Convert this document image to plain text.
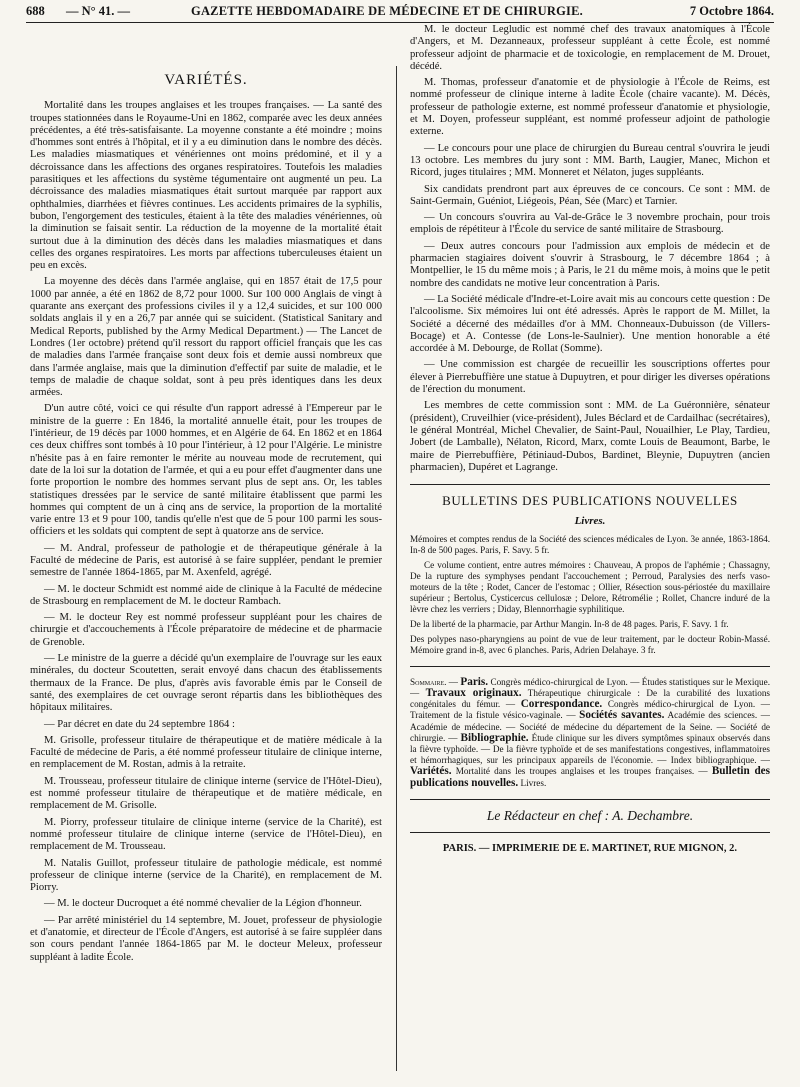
688	— N° 41. —	GAZETTE HEBDOMADAIRE DE MÉDECINE ET DE CHIRURGIE.	7 Octobre 1864.
VARIÉTÉS.

Mortalité dans les troupes anglaises et les troupes françaises. — La santé des troupes stationnées dans le Royaume-Uni en 1862, comparée avec les deux années précédentes, a été très-satisfaisante. La moyenne constante a été moindre ; moins d'hommes sont entrés à l'hôpital, et il y a eu diminution dans le nombre des décès. Les maladies miasmatiques et vénériennes ont moins prédominé, et il y a décroissance dans les affections des organes respiratoires. Toutefois les maladies parasitiques et les affections du système tégumentaire ont augmenté un peu. La décroissance des maladies miasmatiques était surtout marquée par rapport aux ophthalmies, diarrhées et fièvres continues. Les accidents primaires de la syphilis, bubon, l'engorgement des testicules, étaient à la tête des maladies vénériennes, où la diminution se faisait sentir. La réduction de la moyenne de la mortalité était surtout due à la diminution des décès dans les maladies miasmatiques et dans celles des organes respiratoires. Les morts par affections tuberculeuses étaient un peu en excès.

La moyenne des décès dans l'armée anglaise, qui en 1857 était de 17,5 pour 1000 par année, a été en 1862 de 8,72 pour 1000. Sur 100 000 Anglais de vingt à quarante ans exerçant des professions civiles il y a 12,4 suicides, et sur 100 000 soldats anglais il y en a 26,7 par année qui se suicident. (Statistical Sanitary and Medical Reports, published by the Army Medical Department.) — The Lancet de Londres (1er octobre) prétend qu'il ressort du rapport officiel français que les cas de maladies dans l'armée française sont deux fois et demie aussi nombreux que dans l'armée anglaise, mais que la diminution d'effectif par suite de maladie, et le temps de maladie de chaque soldat, sont à peu près identiques dans les deux armées.

D'un autre côté, voici ce qui résulte d'un rapport adressé à l'Empereur par le ministre de la guerre : En 1846, la mortalité annuelle était, pour les troupes de l'intérieur, de 19 décès par 1000 hommes, et en Algérie de 64. En 1862 et en 1864 ces deux chiffres sont tombés à 10 pour l'intérieur, à 12 pour l'Algérie. Le ministre n'hésite pas à en faire remonter le mérite au nouveau mode de recrutement, qui date de la loi sur la dotation de l'armée, et qui a eu pour effet d'augmenter dans une forte proportion le nombre des hommes servant plus de sept ans. Or, les tables statistiques dressées par le service de santé militaire établissent que parmi les hommes qui comptent de un à cinq ans de service, la proportion de la mortalité varie entre 13 et 9 pour 100, tandis qu'elle n'est que de 5 pour 100 parmi les sous-officiers et les soldats qui comptent de sept à quatorze ans de service.

— M. Andral, professeur de pathologie et de thérapeutique générale à la Faculté de médecine de Paris, est autorisé à se faire suppléer, pendant le premier semestre de l'année 1864-1865, par M. Axenfeld, agrégé.

— M. le docteur Schmidt est nommé aide de clinique à la Faculté de médecine de Strasbourg en remplacement de M. le docteur Rambach.

— M. le docteur Rey est nommé professeur suppléant pour les chaires de chirurgie et d'accouchements à l'École préparatoire de médecine et de pharmacie de Grenoble.

— Le ministre de la guerre a décidé qu'un exemplaire de l'ouvrage sur les eaux minérales, du docteur Scoutetten, serait envoyé dans chacun des établissements thermaux de la France. De plus, d'après avis favorable émis par le Conseil de santé, des exemplaires de cet ouvrage seront répartis dans les bibliothèques des hôpitaux militaires.

— Par décret en date du 24 septembre 1864 :

M. Grisolle, professeur titulaire de thérapeutique et de matière médicale à la Faculté de médecine de Paris, a été nommé professeur titulaire de clinique interne, en remplacement de M. Rostan, admis à la retraite.

M. Trousseau, professeur titulaire de clinique interne (service de l'Hôtel-Dieu), est nommé professeur titulaire de thérapeutique et de matière médicale, en remplacement de M. Grisolle.

M. Piorry, professeur titulaire de clinique interne (service de la Charité), est nommé professeur titulaire de clinique interne (service de l'Hôtel-Dieu), en remplacement de M. Trousseau.

M. Natalis Guillot, professeur titulaire de pathologie médicale, est nommé professeur de clinique interne (service de la Charité), en remplacement de M. Piorry.

— M. le docteur Ducroquet a été nommé chevalier de la Légion d'honneur.

— Par arrêté ministériel du 14 septembre, M. Jouet, professeur de physiologie et d'anatomie, et directeur de l'École d'Angers, est autorisé à se faire suppléer dans son cours pendant l'année 1864-1865 par M. le docteur Meleux, professeur suppléant à ladite École.

M. le docteur Legludic est nommé chef des travaux anatomiques à l'École d'Angers, et M. Dezanneaux, professeur suppléant à cette École, est nommé professeur adjoint de pharmacie et de toxicologie, en remplacement de M. Drouet, décédé.

M. Thomas, professeur d'anatomie et de physiologie à l'École de Reims, est nommé professeur de clinique interne à ladite École (chaire vacante). M. Décès, professeur de pathologie externe, est nommé professeur d'anatomie et physiologie, et M. Doyen, professeur suppléant, est nommé professeur adjoint de pathologie externe.

— Le concours pour une place de chirurgien du Bureau central s'ouvrira le jeudi 13 octobre. Les membres du jury sont : MM. Barth, Laugier, Manec, Michon et Ricord, juges titulaires ; MM. Monneret et Nélaton, juges suppléants.

Six candidats prendront part aux épreuves de ce concours. Ce sont : MM. de Saint-Germain, Guéniot, Liégeois, Péan, Sée (Marc) et Tarnier.

— Un concours s'ouvrira au Val-de-Grâce le 3 novembre prochain, pour trois emplois de répétiteur à l'École du service de santé militaire de Strasbourg.

— Deux autres concours pour l'admission aux emplois de médecin et de pharmacien stagiaires doivent s'ouvrir à Strasbourg, le 7 décembre 1864 ; à Montpellier, le 15 du même mois ; à Paris, le 21 du même mois, à moins que le petit nombre des candidats ne motive leur concentration à Paris.

— La Société médicale d'Indre-et-Loire avait mis au concours cette question : De l'alcoolisme. Six mémoires lui ont été adressés. Après le rapport de M. Millet, la Société a décerné des médailles d'or à MM. Chonneaux-Dubuisson (de Villers-Bocage) et A. Contesse (de Lons-le-Saulnier). Une mention honorable a été accordée à M. Debourge, de Rollat (Somme).

— Une commission est chargée de recueillir les souscriptions offertes pour élever à Pierrebuffière une statue à Dupuytren, et pour diriger les diverses opérations de l'érection du monument.

Les membres de cette commission sont : MM. de La Guéronnière, sénateur (président), Cruveilhier (vice-président), Jules Béclard et de Cardailhac (secrétaires), le général Montréal, Michel Chevalier, de Saint-Paul, Nouailhier, Le Play, Tardieu, Jobert (de Lamballe), Nélaton, Ricord, Marx, comte Louis de Beaumont, Barbe, le maire de Pierrebuffière, Pétiniaud-Dubos, Bardinet, Bleynie, Dupuytren (ancien pharmacien), Dupéret et Lagrange.

BULLETINS DES PUBLICATIONS NOUVELLES
Livres.

Mémoires et comptes rendus de la Société des sciences médicales de Lyon. 3e année, 1863-1864. In-8 de 500 pages. Paris, F. Savy. 5 fr.

Ce volume contient, entre autres mémoires : Chauveau, A propos de l'aphémie ; Chassagny, De la rupture des symphyses pendant l'accouchement ; Perroud, Paralysies des nerfs vaso-moteurs de la tête ; Rodet, Cancer de l'estomac ; Ollier, Résection sous-périostée du maxillaire supérieur ; Bertolus, Cysticercus cellulosæ ; Delore, Rétromélie ; Rollet, Chancre induré de la lèvre chez les verriers ; Diday, Blennorrhagie syphilitique.

De la liberté de la pharmacie, par Arthur Mangin. In-8 de 48 pages. Paris, F. Savy. 1 fr.

Des polypes naso-pharyngiens au point de vue de leur traitement, par le docteur Robin-Massé. Mémoire grand in-8, avec 6 planches. Paris, Adrien Delahaye. 3 fr.

Sommaire. — Paris. Congrès médico-chirurgical de Lyon. — Études statistiques sur le Mexique. — Travaux originaux. Thérapeutique chirurgicale : De la curabilité des luxations congénitales du fémur. — Correspondance. Congrès médico-chirurgical de Lyon. — Traitement de la fistule vésico-vaginale. — Sociétés savantes. Académie des sciences. — Académie de médecine. — Société de médecine du département de la Seine. — Société de chirurgie. — Bibliographie. Étude clinique sur les divers symptômes spinaux observés dans la fièvre typhoïde. — De la fièvre typhoïde et de ses manifestations congestives, inflammatoires et hémorrhagiques, sur les principaux appareils de l'économie. — Index bibliographique. — Variétés. Mortalité dans les troupes anglaises et les troupes françaises. — Bulletin des publications nouvelles. Livres.
Le Rédacteur en chef : A. Dechambre.
PARIS. — IMPRIMERIE DE E. MARTINET, RUE MIGNON, 2.
